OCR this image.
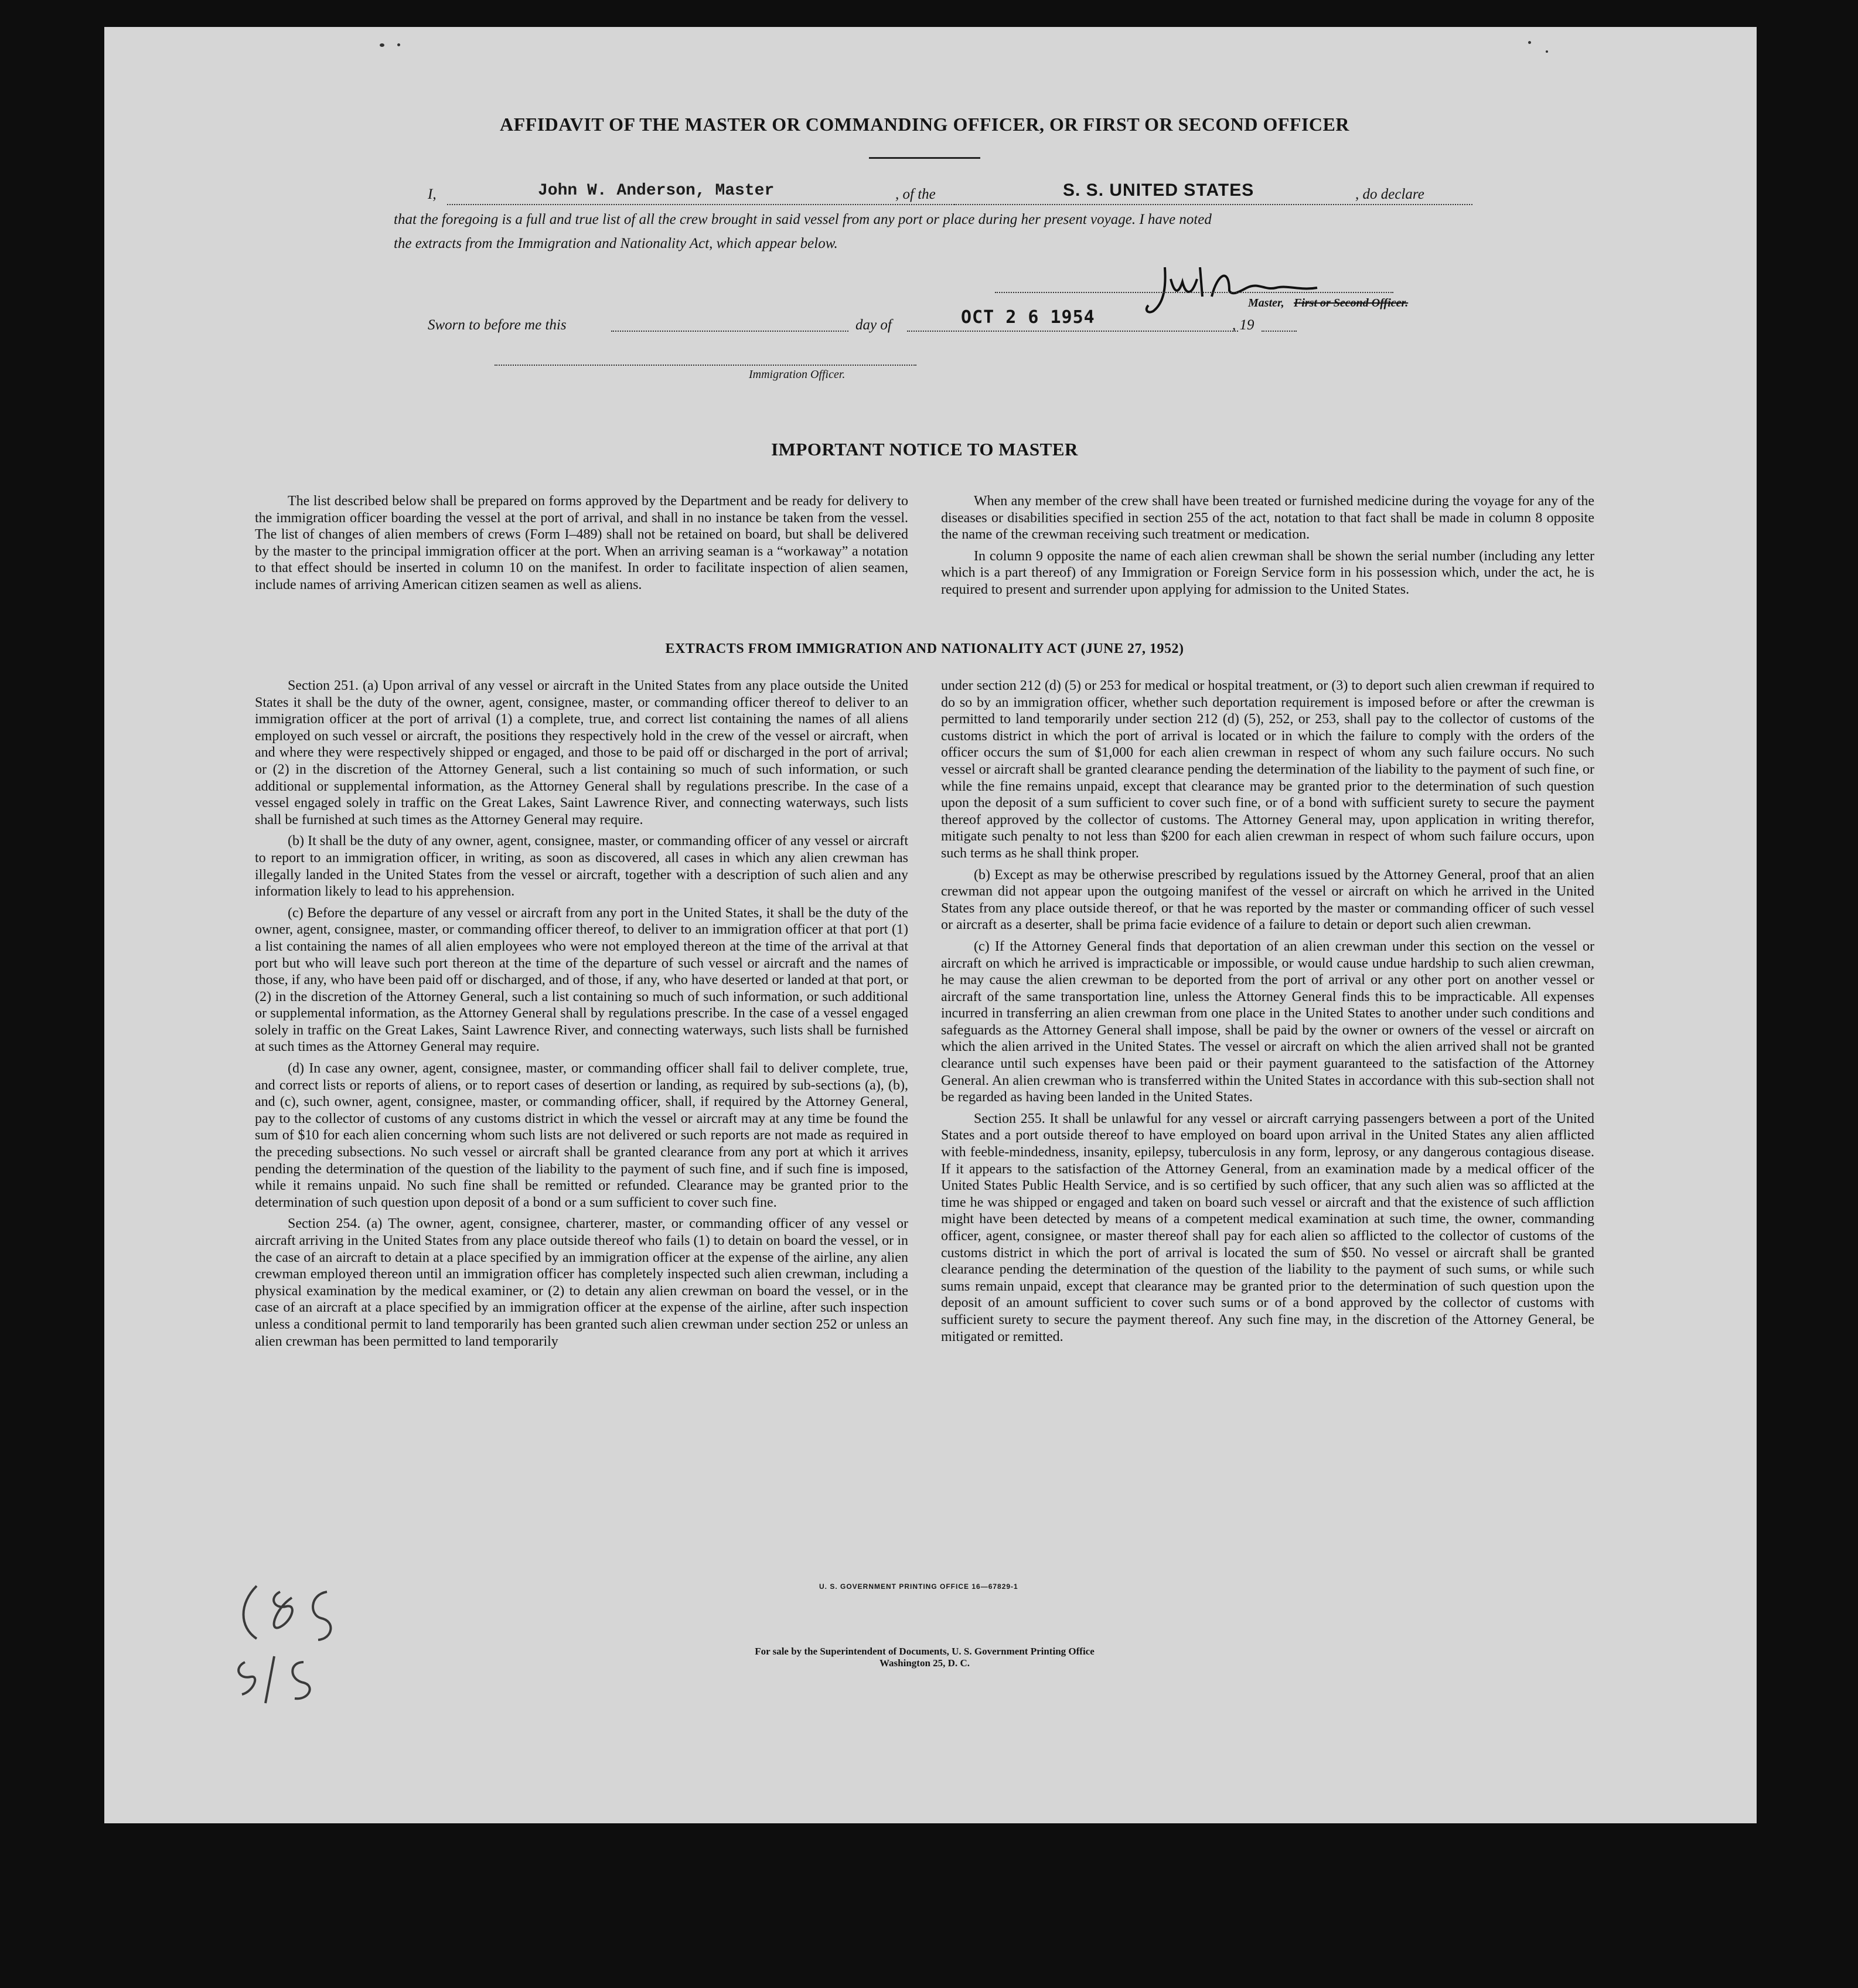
AFFIDAVIT OF THE MASTER OR COMMANDING OFFICER, OR FIRST OR SECOND OFFICER
I,	John W. Anderson, Master	, of the	S. S. UNITED STATES	, do declare
that the foregoing is a full and true list of all the crew brought in said vessel from any port or place during her present voyage. I have noted
the extracts from the Immigration and Nationality Act, which appear below.
Master, First or Second Officer.
Sworn to before me this	day of	OCT 2 6 1954	, 19
Immigration Officer.
IMPORTANT NOTICE TO MASTER

The list described below shall be prepared on forms approved by the Department and be ready for delivery to the immigration officer boarding the vessel at the port of arrival, and shall in no instance be taken from the vessel. The list of changes of alien members of crews (Form I–489) shall not be retained on board, but shall be delivered by the master to the principal immigration officer at the port. When an arriving seaman is a “workaway” a notation to that effect should be inserted in column 10 on the manifest. In order to facilitate inspection of alien seamen, include names of arriving American citizen seamen as well as aliens.

When any member of the crew shall have been treated or furnished medicine during the voyage for any of the diseases or disabilities specified in section 255 of the act, notation to that fact shall be made in column 8 opposite the name of the crewman receiving such treatment or medication.

In column 9 opposite the name of each alien crewman shall be shown the serial number (including any letter which is a part thereof) of any Immigration or Foreign Service form in his possession which, under the act, he is required to present and surrender upon applying for admission to the United States.

EXTRACTS FROM IMMIGRATION AND NATIONALITY ACT (JUNE 27, 1952)

Section 251. (a) Upon arrival of any vessel or aircraft in the United States from any place outside the United States it shall be the duty of the owner, agent, consignee, master, or commanding officer thereof to deliver to an immigration officer at the port of arrival (1) a complete, true, and correct list containing the names of all aliens employed on such vessel or aircraft, the positions they respectively hold in the crew of the vessel or aircraft, when and where they were respectively shipped or engaged, and those to be paid off or discharged in the port of arrival; or (2) in the discretion of the Attorney General, such a list containing so much of such information, or such additional or supplemental information, as the Attorney General shall by regulations prescribe. In the case of a vessel engaged solely in traffic on the Great Lakes, Saint Lawrence River, and connecting waterways, such lists shall be furnished at such times as the Attorney General may require.

(b) It shall be the duty of any owner, agent, consignee, master, or commanding officer of any vessel or aircraft to report to an immigration officer, in writing, as soon as discovered, all cases in which any alien crewman has illegally landed in the United States from the vessel or aircraft, together with a description of such alien and any information likely to lead to his apprehension.

(c) Before the departure of any vessel or aircraft from any port in the United States, it shall be the duty of the owner, agent, consignee, master, or commanding officer thereof, to deliver to an immigration officer at that port (1) a list containing the names of all alien employees who were not employed thereon at the time of the arrival at that port but who will leave such port thereon at the time of the departure of such vessel or aircraft and the names of those, if any, who have been paid off or discharged, and of those, if any, who have deserted or landed at that port, or (2) in the discretion of the Attorney General, such a list containing so much of such information, or such additional or supplemental information, as the Attorney General shall by regulations prescribe. In the case of a vessel engaged solely in traffic on the Great Lakes, Saint Lawrence River, and connecting waterways, such lists shall be furnished at such times as the Attorney General may require.

(d) In case any owner, agent, consignee, master, or commanding officer shall fail to deliver complete, true, and correct lists or reports of aliens, or to report cases of desertion or landing, as required by sub-sections (a), (b), and (c), such owner, agent, consignee, master, or commanding officer, shall, if required by the Attorney General, pay to the collector of customs of any customs district in which the vessel or aircraft may at any time be found the sum of $10 for each alien concerning whom such lists are not delivered or such reports are not made as required in the preceding subsections. No such vessel or aircraft shall be granted clearance from any port at which it arrives pending the determination of the question of the liability to the payment of such fine, and if such fine is imposed, while it remains unpaid. No such fine shall be remitted or refunded. Clearance may be granted prior to the determination of such question upon deposit of a bond or a sum sufficient to cover such fine.

Section 254. (a) The owner, agent, consignee, charterer, master, or commanding officer of any vessel or aircraft arriving in the United States from any place outside thereof who fails (1) to detain on board the vessel, or in the case of an aircraft to detain at a place specified by an immigration officer at the expense of the airline, any alien crewman employed thereon until an immigration officer has completely inspected such alien crewman, including a physical examination by the medical examiner, or (2) to detain any alien crewman on board the vessel, or in the case of an aircraft at a place specified by an immigration officer at the expense of the airline, after such inspection unless a conditional permit to land temporarily has been granted such alien crewman under section 252 or unless an alien crewman has been permitted to land temporarily

under section 212 (d) (5) or 253 for medical or hospital treatment, or (3) to deport such alien crewman if required to do so by an immigration officer, whether such deportation requirement is imposed before or after the crewman is permitted to land temporarily under section 212 (d) (5), 252, or 253, shall pay to the collector of customs of the customs district in which the port of arrival is located or in which the failure to comply with the orders of the officer occurs the sum of $1,000 for each alien crewman in respect of whom any such failure occurs. No such vessel or aircraft shall be granted clearance pending the determination of the liability to the payment of such fine, or while the fine remains unpaid, except that clearance may be granted prior to the determination of such question upon the deposit of a sum sufficient to cover such fine, or of a bond with sufficient surety to secure the payment thereof approved by the collector of customs. The Attorney General may, upon application in writing therefor, mitigate such penalty to not less than $200 for each alien crewman in respect of whom such failure occurs, upon such terms as he shall think proper.

(b) Except as may be otherwise prescribed by regulations issued by the Attorney General, proof that an alien crewman did not appear upon the outgoing manifest of the vessel or aircraft on which he arrived in the United States from any place outside thereof, or that he was reported by the master or commanding officer of such vessel or aircraft as a deserter, shall be prima facie evidence of a failure to detain or deport such alien crewman.

(c) If the Attorney General finds that deportation of an alien crewman under this section on the vessel or aircraft on which he arrived is impracticable or impossible, or would cause undue hardship to such alien crewman, he may cause the alien crewman to be deported from the port of arrival or any other port on another vessel or aircraft of the same transportation line, unless the Attorney General finds this to be impracticable. All expenses incurred in transferring an alien crewman from one place in the United States to another under such conditions and safeguards as the Attorney General shall impose, shall be paid by the owner or owners of the vessel or aircraft on which the alien arrived in the United States. The vessel or aircraft on which the alien arrived shall not be granted clearance until such expenses have been paid or their payment guaranteed to the satisfaction of the Attorney General. An alien crewman who is transferred within the United States in accordance with this sub-section shall not be regarded as having been landed in the United States.

Section 255. It shall be unlawful for any vessel or aircraft carrying passengers between a port of the United States and a port outside thereof to have employed on board upon arrival in the United States any alien afflicted with feeble-mindedness, insanity, epilepsy, tuberculosis in any form, leprosy, or any dangerous contagious disease. If it appears to the satisfaction of the Attorney General, from an examination made by a medical officer of the United States Public Health Service, and is so certified by such officer, that any such alien was so afflicted at the time he was shipped or engaged and taken on board such vessel or aircraft and that the existence of such affliction might have been detected by means of a competent medical examination at such time, the owner, commanding officer, agent, consignee, or master thereof shall pay for each alien so afflicted to the collector of customs of the customs district in which the port of arrival is located the sum of $50. No vessel or aircraft shall be granted clearance pending the determination of the question of the liability to the payment of such sums, or while such sums remain unpaid, except that clearance may be granted prior to the determination of such question upon the deposit of an amount sufficient to cover such sums or of a bond approved by the collector of customs with sufficient surety to secure the payment thereof. Any such fine may, in the discretion of the Attorney General, be mitigated or remitted.

U. S. GOVERNMENT PRINTING OFFICE 16—67829-1
For sale by the Superintendent of Documents, U. S. Government Printing Office
Washington 25, D. C.
